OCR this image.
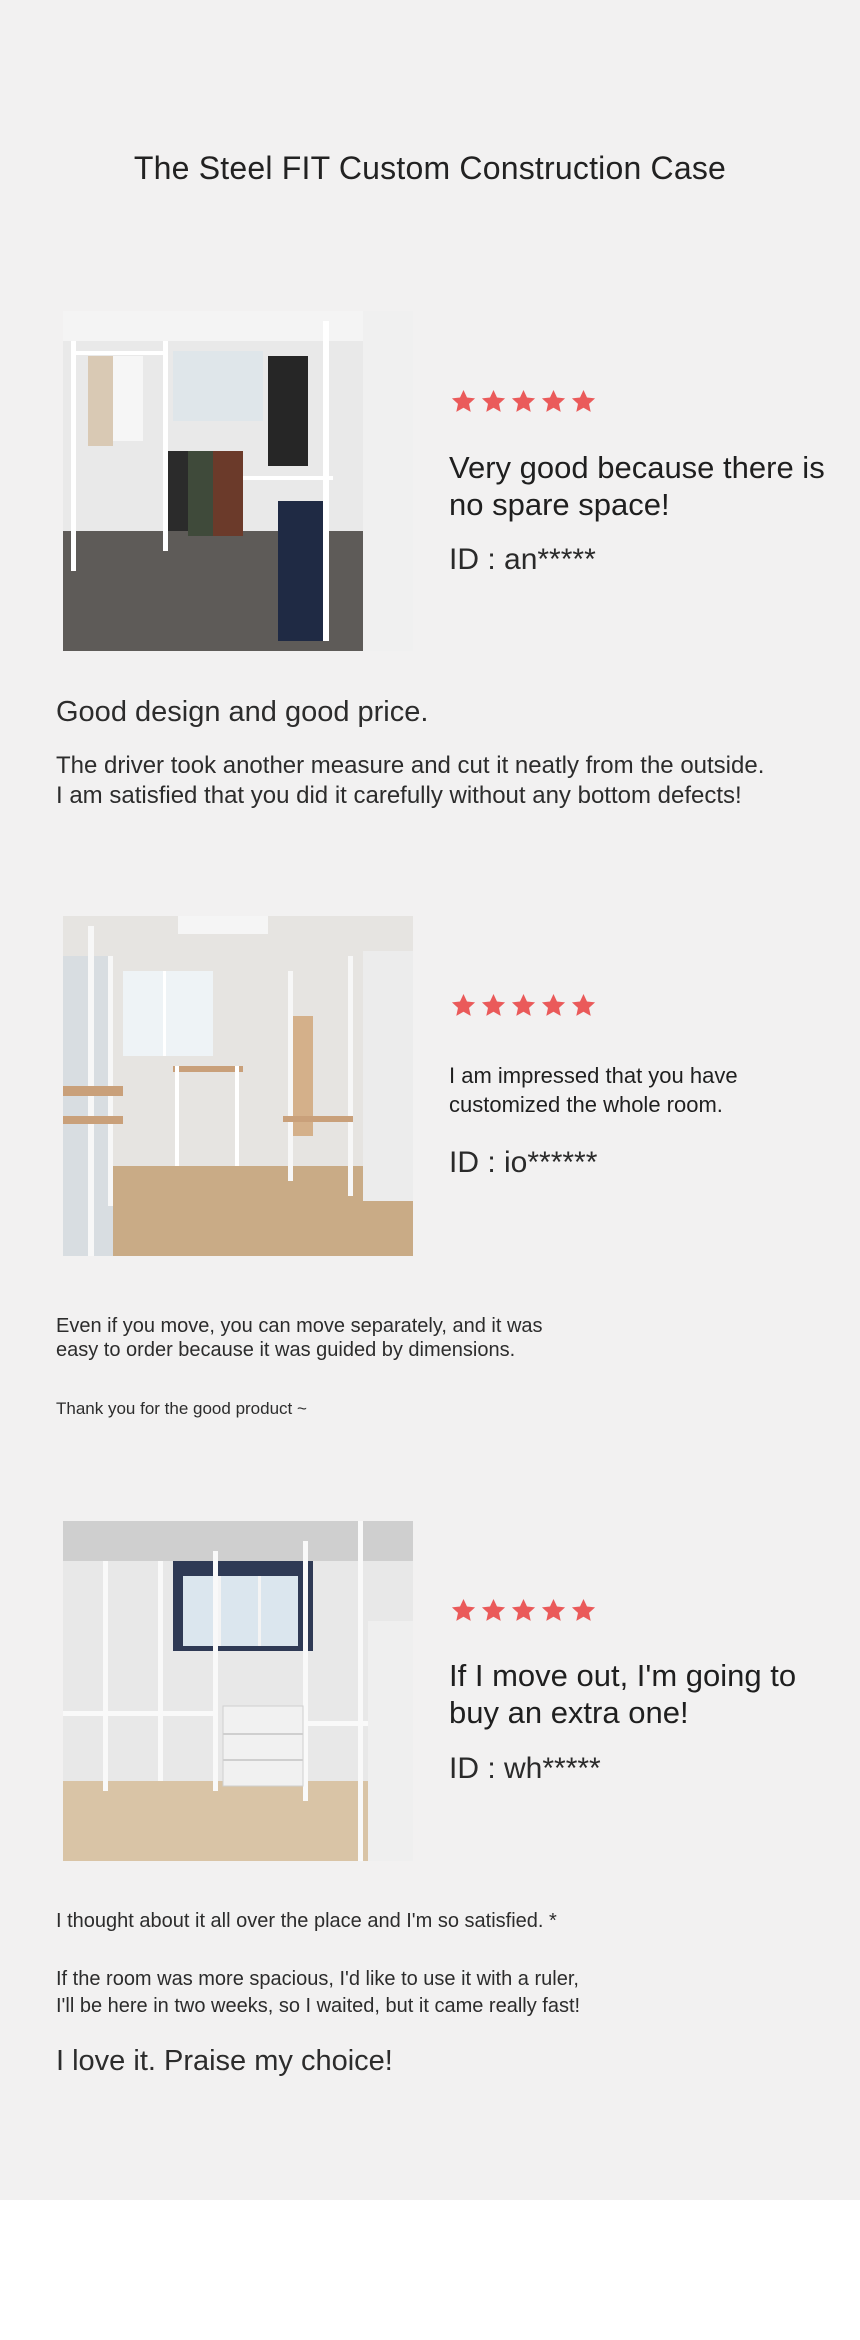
The Steel FIT Custom Construction Case
Very good because there is no spare space!
ID : an*****
Good design and good price.
The driver took another measure and cut it neatly from the outside.
I am satisfied that you did it carefully without any bottom defects!
I am impressed that you have customized the whole room.
ID : io******
Even if you move, you can move separately, and it was
easy to order because it was guided by dimensions.
Thank you for the good product ~
If I move out, I'm going to buy an extra one!
ID : wh*****
I thought about it all over the place and I'm so satisfied. *
If the room was more spacious, I'd like to use it with a ruler,
I'll be here in two weeks, so I waited, but it came really fast!
I love it. Praise my choice!
